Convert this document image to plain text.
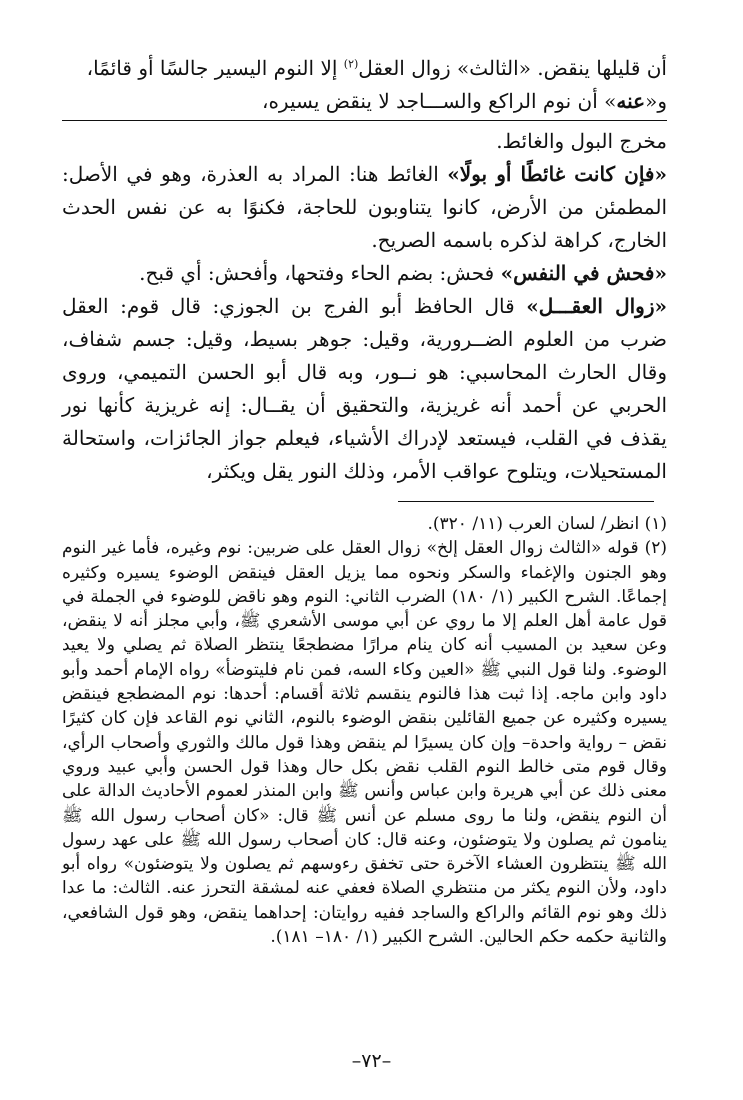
أن قليلها ينقض. «الثالث» زوال العقل$^{(٢)}$ إلا النوم اليسير جالسًا أو قائمًا،

و«عنه» أن نوم الراكع والســـاجد لا ينقض يسيره،

مخرج البول والغائط.

«فإن كانت غائطًا أو بولًا» الغائط هنا: المراد به العذرة، وهو في الأصل: المطمئن من الأرض، كانوا يتناوبون للحاجة، فكنوًا به عن نفس الحدث الخارج، كراهة لذكره باسمه الصريح.

«فحش في النفس» فحش: بضم الحاء وفتحها، وأفحش: أي قبح.

«زوال العقـــل» قال الحافظ أبو الفرج بن الجوزي: قال قوم: العقل ضرب من العلوم الضــرورية، وقيل: جوهر بسيط، وقيل: جسم شفاف، وقال الحارث المحاسبي: هو نــور، وبه قال أبو الحسن التميمي، وروى الحربي عن أحمد أنه غريزية، والتحقيق أن يقــال: إنه غريزية كأنها نور يقذف في القلب، فيستعد لإدراك الأشياء، فيعلم جواز الجائزات، واستحالة المستحيلات، ويتلوح عواقب الأمر، وذلك النور يقل ويكثر،

(١) انظر/ لسان العرب (١١/ ٣٢٠).

(٢) قوله «الثالث زوال العقل إلخ» زوال العقل على ضربين: نوم وغيره، فأما غير النوم وهو الجنون والإغماء والسكر ونحوه مما يزيل العقل فينقض الوضوء يسيره وكثيره إجماعًا. الشرح الكبير (١/ ١٨٠) الضرب الثاني: النوم وهو ناقض للوضوء في الجملة في قول عامة أهل العلم إلا ما روي عن أبي موسى الأشعري ﷺ، وأبي مجلز أنه لا ينقض، وعن سعيد بن المسيب أنه كان ينام مرارًا مضطجعًا ينتظر الصلاة ثم يصلي ولا يعيد الوضوء. ولنا قول النبي ﷺ «العين وكاء السه، فمن نام فليتوضأ» رواه الإمام أحمد وأبو داود وابن ماجه. إذا ثبت هذا فالنوم ينقسم ثلاثة أقسام: أحدها: نوم المضطجع فينقض يسيره وكثيره عن جميع القائلين بنقض الوضوء بالنوم، الثاني نوم القاعد فإن كان كثيرًا نقض – رواية واحدة– وإن كان يسيرًا لم ينقض وهذا قول مالك والثوري وأصحاب الرأي، وقال قوم متى خالط النوم القلب نقض بكل حال وهذا قول الحسن وأبي عبيد وروي معنى ذلك عن أبي هريرة وابن عباس وأنس ﷺ وابن المنذر لعموم الأحاديث الدالة على أن النوم ينقض، ولنا ما روى مسلم عن أنس ﷺ قال: «كان أصحاب رسول الله ﷺ ينامون ثم يصلون ولا يتوضئون، وعنه قال: كان أصحاب رسول الله ﷺ على عهد رسول الله ﷺ ينتظرون العشاء الآخرة حتى تخفق رءوسهم ثم يصلون ولا يتوضئون» رواه أبو داود، ولأن النوم يكثر من منتظري الصلاة فعفي عنه لمشقة التحرز عنه. الثالث: ما عدا ذلك وهو نوم القائم والراكع والساجد ففيه روايتان: إحداهما ينقض، وهو قول الشافعي، والثانية حكمه حكم الحالين. الشرح الكبير (١/ ١٨٠– ١٨١).

–٧٢–
